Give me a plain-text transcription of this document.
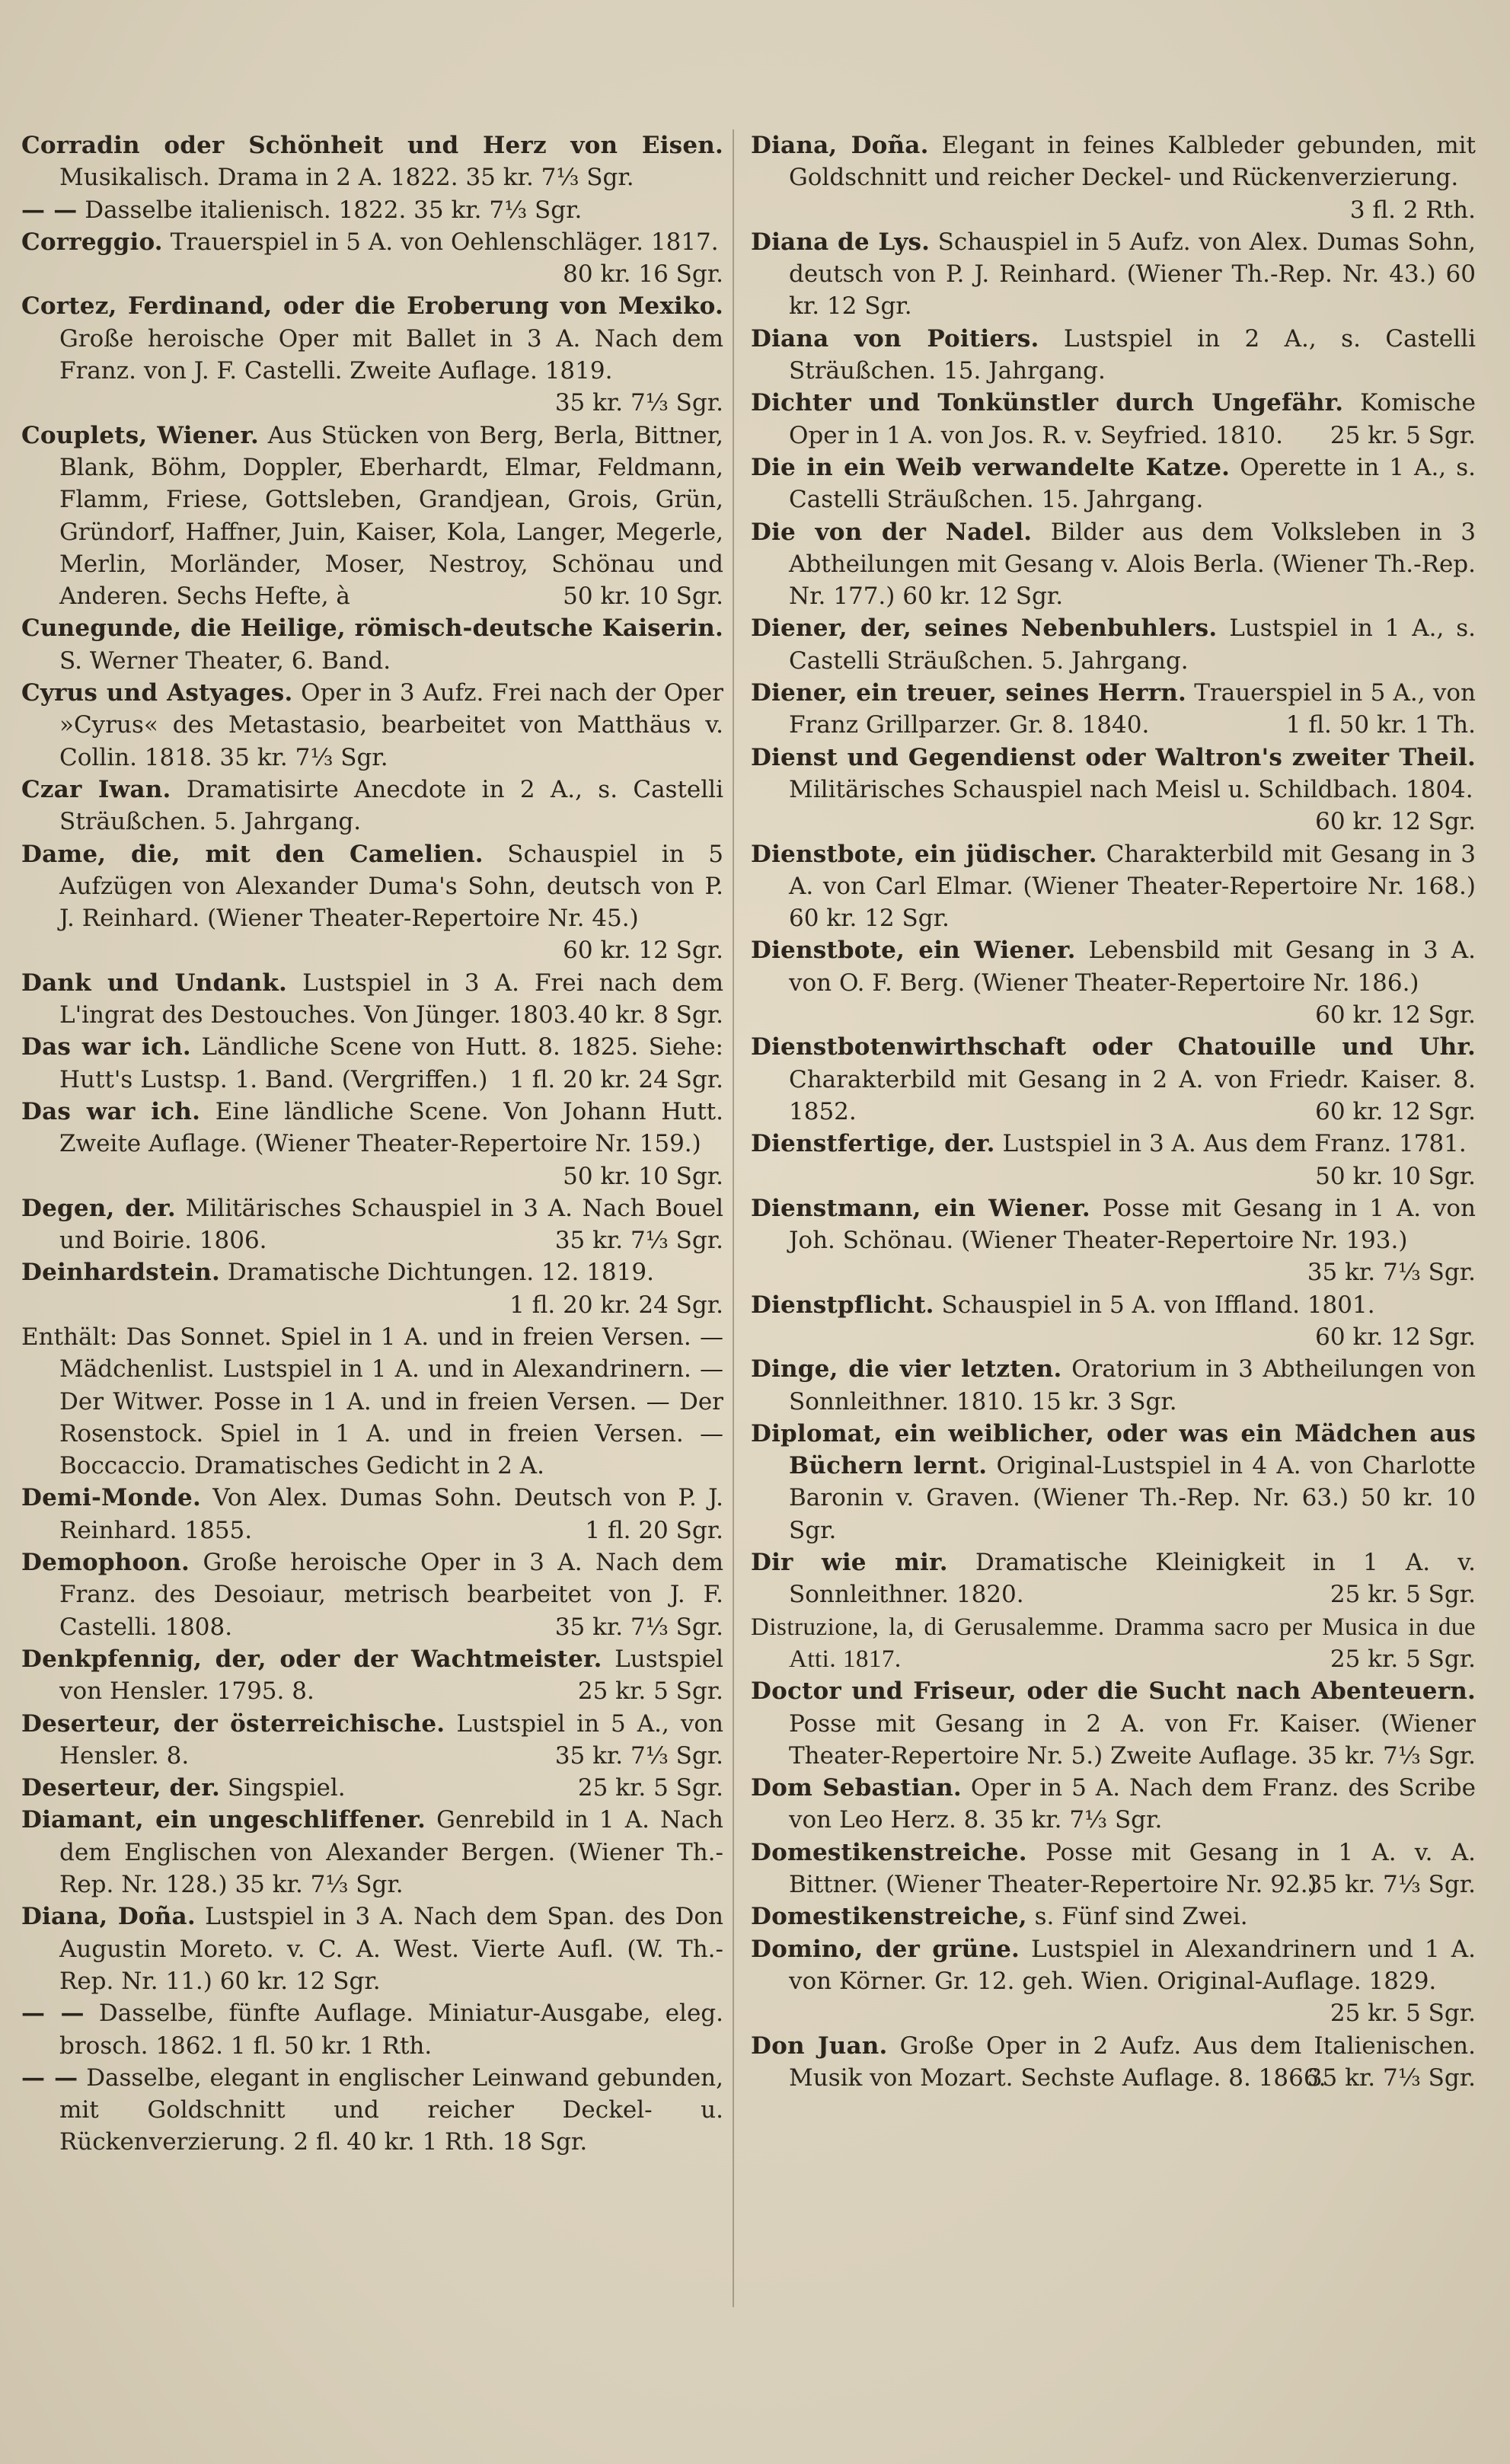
Corradin oder Schönheit und Herz von Eisen. Musikalisch. Drama in 2 A. 1822. 35 kr. 7⅓ Sgr.

— — Dasselbe italienisch. 1822. 35 kr. 7⅓ Sgr.

Correggio. Trauerspiel in 5 A. von Oehlenschläger. 1817.
80 kr. 16 Sgr.

Cortez, Ferdinand, oder die Eroberung von Mexiko. Große heroische Oper mit Ballet in 3 A. Nach dem Franz. von J. F. Castelli. Zweite Auflage. 1819.
35 kr. 7⅓ Sgr.

Couplets, Wiener. Aus Stücken von Berg, Berla, Bittner, Blank, Böhm, Doppler, Eberhardt, Elmar, Feldmann, Flamm, Friese, Gottsleben, Grandjean, Grois, Grün, Gründorf, Haffner, Juin, Kaiser, Kola, Langer, Megerle, Merlin, Morländer, Moser, Nestroy, Schönau und Anderen. Sechs Hefte, à	50 kr. 10 Sgr.

Cunegunde, die Heilige, römisch-deutsche Kaiserin. S. Werner Theater, 6. Band.

Cyrus und Astyages. Oper in 3 Aufz. Frei nach der Oper »Cyrus« des Metastasio, bearbeitet von Matthäus v. Collin. 1818. 35 kr. 7⅓ Sgr.

Czar Iwan. Dramatisirte Anecdote in 2 A., s. Castelli Sträußchen. 5. Jahrgang.

Dame, die, mit den Camelien. Schauspiel in 5 Aufzügen von Alexander Duma's Sohn, deutsch von P. J. Reinhard. (Wiener Theater-Repertoire Nr. 45.)
60 kr. 12 Sgr.

Dank und Undank. Lustspiel in 3 A. Frei nach dem L'ingrat des Destouches. Von Jünger. 1803. 40 kr. 8 Sgr.

Das war ich. Ländliche Scene von Hutt. 8. 1825. Siehe: Hutt's Lustsp. 1. Band. (Vergriffen.) 1 fl. 20 kr. 24 Sgr.

Das war ich. Eine ländliche Scene. Von Johann Hutt. Zweite Auflage. (Wiener Theater-Repertoire Nr. 159.)
50 kr. 10 Sgr.

Degen, der. Militärisches Schauspiel in 3 A. Nach Bouel und Boirie. 1806.	35 kr. 7⅓ Sgr.

Deinhardstein. Dramatische Dichtungen. 12. 1819.
1 fl. 20 kr. 24 Sgr.

Enthält: Das Sonnet. Spiel in 1 A. und in freien Versen. — Mädchenlist. Lustspiel in 1 A. und in Alexandrinern. — Der Witwer. Posse in 1 A. und in freien Versen. — Der Rosenstock. Spiel in 1 A. und in freien Versen. — Boccaccio. Dramatisches Gedicht in 2 A.

Demi-Monde. Von Alex. Dumas Sohn. Deutsch von P. J. Reinhard. 1855.	1 fl. 20 Sgr.

Demophoon. Große heroische Oper in 3 A. Nach dem Franz. des Desoiaur, metrisch bearbeitet von J. F. Castelli. 1808.	35 kr. 7⅓ Sgr.

Denkpfennig, der, oder der Wachtmeister. Lustspiel von Hensler. 1795. 8.	25 kr. 5 Sgr.

Deserteur, der österreichische. Lustspiel in 5 A., von Hensler. 8.	35 kr. 7⅓ Sgr.

Deserteur, der. Singspiel.	25 kr. 5 Sgr.

Diamant, ein ungeschliffener. Genrebild in 1 A. Nach dem Englischen von Alexander Bergen. (Wiener Th.-Rep. Nr. 128.) 35 kr. 7⅓ Sgr.

Diana, Doña. Lustspiel in 3 A. Nach dem Span. des Don Augustin Moreto. v. C. A. West. Vierte Aufl. (W. Th.-Rep. Nr. 11.) 60 kr. 12 Sgr.

— — Dasselbe, fünfte Auflage. Miniatur-Ausgabe, eleg. brosch. 1862. 1 fl. 50 kr. 1 Rth.

— — Dasselbe, elegant in englischer Leinwand gebunden, mit Goldschnitt und reicher Deckel- u. Rückenverzierung. 2 fl. 40 kr. 1 Rth. 18 Sgr.

Diana, Doña. Elegant in feines Kalbleder gebunden, mit Goldschnitt und reicher Deckel- und Rückenverzierung.
3 fl. 2 Rth.

Diana de Lys. Schauspiel in 5 Aufz. von Alex. Dumas Sohn, deutsch von P. J. Reinhard. (Wiener Th.-Rep. Nr. 43.) 60 kr. 12 Sgr.

Diana von Poitiers. Lustspiel in 2 A., s. Castelli Sträußchen. 15. Jahrgang.

Dichter und Tonkünstler durch Ungefähr. Komische Oper in 1 A. von Jos. R. v. Seyfried. 1810. 25 kr. 5 Sgr.

Die in ein Weib verwandelte Katze. Operette in 1 A., s. Castelli Sträußchen. 15. Jahrgang.

Die von der Nadel. Bilder aus dem Volksleben in 3 Abtheilungen mit Gesang v. Alois Berla. (Wiener Th.-Rep. Nr. 177.) 60 kr. 12 Sgr.

Diener, der, seines Nebenbuhlers. Lustspiel in 1 A., s. Castelli Sträußchen. 5. Jahrgang.

Diener, ein treuer, seines Herrn. Trauerspiel in 5 A., von Franz Grillparzer. Gr. 8. 1840.	1 fl. 50 kr. 1 Th.

Dienst und Gegendienst oder Waltron's zweiter Theil. Militärisches Schauspiel nach Meisl u. Schildbach. 1804.
60 kr. 12 Sgr.

Dienstbote, ein jüdischer. Charakterbild mit Gesang in 3 A. von Carl Elmar. (Wiener Theater-Repertoire Nr. 168.) 60 kr. 12 Sgr.

Dienstbote, ein Wiener. Lebensbild mit Gesang in 3 A. von O. F. Berg. (Wiener Theater-Repertoire Nr. 186.)
60 kr. 12 Sgr.

Dienstbotenwirthschaft oder Chatouille und Uhr. Charakterbild mit Gesang in 2 A. von Friedr. Kaiser. 8. 1852.	60 kr. 12 Sgr.

Dienstfertige, der. Lustspiel in 3 A. Aus dem Franz. 1781.
50 kr. 10 Sgr.

Dienstmann, ein Wiener. Posse mit Gesang in 1 A. von Joh. Schönau. (Wiener Theater-Repertoire Nr. 193.)
35 kr. 7⅓ Sgr.

Dienstpflicht. Schauspiel in 5 A. von Iffland. 1801.
60 kr. 12 Sgr.

Dinge, die vier letzten. Oratorium in 3 Abtheilungen von Sonnleithner. 1810. 15 kr. 3 Sgr.

Diplomat, ein weiblicher, oder was ein Mädchen aus Büchern lernt. Original-Lustspiel in 4 A. von Charlotte Baronin v. Graven. (Wiener Th.-Rep. Nr. 63.) 50 kr. 10 Sgr.

Dir wie mir. Dramatische Kleinigkeit in 1 A. v. Sonnleithner. 1820.	25 kr. 5 Sgr.

Distruzione, la, di Gerusalemme. Dramma sacro per Musica in due Atti. 1817.	25 kr. 5 Sgr.

Doctor und Friseur, oder die Sucht nach Abenteuern. Posse mit Gesang in 2 A. von Fr. Kaiser. (Wiener Theater-Repertoire Nr. 5.) Zweite Auflage. 35 kr. 7⅓ Sgr.

Dom Sebastian. Oper in 5 A. Nach dem Franz. des Scribe von Leo Herz. 8. 35 kr. 7⅓ Sgr.

Domestikenstreiche. Posse mit Gesang in 1 A. v. A. Bittner. (Wiener Theater-Repertoire Nr. 92.)
35 kr. 7⅓ Sgr.

Domestikenstreiche, s. Fünf sind Zwei.

Domino, der grüne. Lustspiel in Alexandrinern und 1 A. von Körner. Gr. 12. geh. Wien. Original-Auflage. 1829.
25 kr. 5 Sgr.

Don Juan. Große Oper in 2 Aufz. Aus dem Italienischen. Musik von Mozart. Sechste Auflage. 8. 1866.
35 kr. 7⅓ Sgr.
